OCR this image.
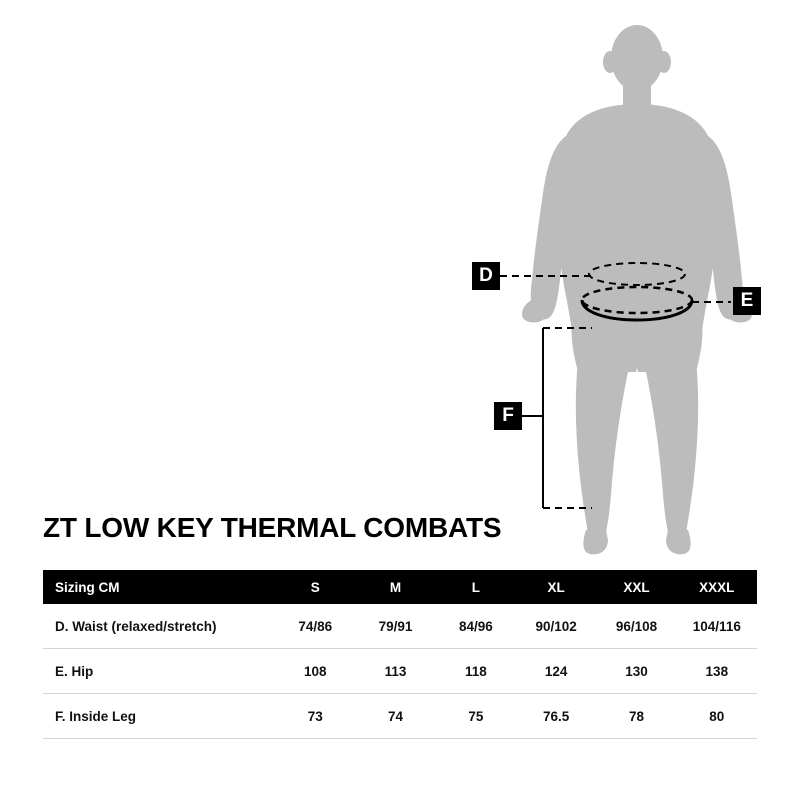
D
E
F
ZT LOW KEY THERMAL COMBATS
Sizing CM	S	M	L	XL	XXL	XXXL
D. Waist (relaxed/stretch)	74/86	79/91	84/96	90/102	96/108	104/116
E. Hip	108	113	118	124	130	138
F. Inside Leg	73	74	75	76.5	78	80
